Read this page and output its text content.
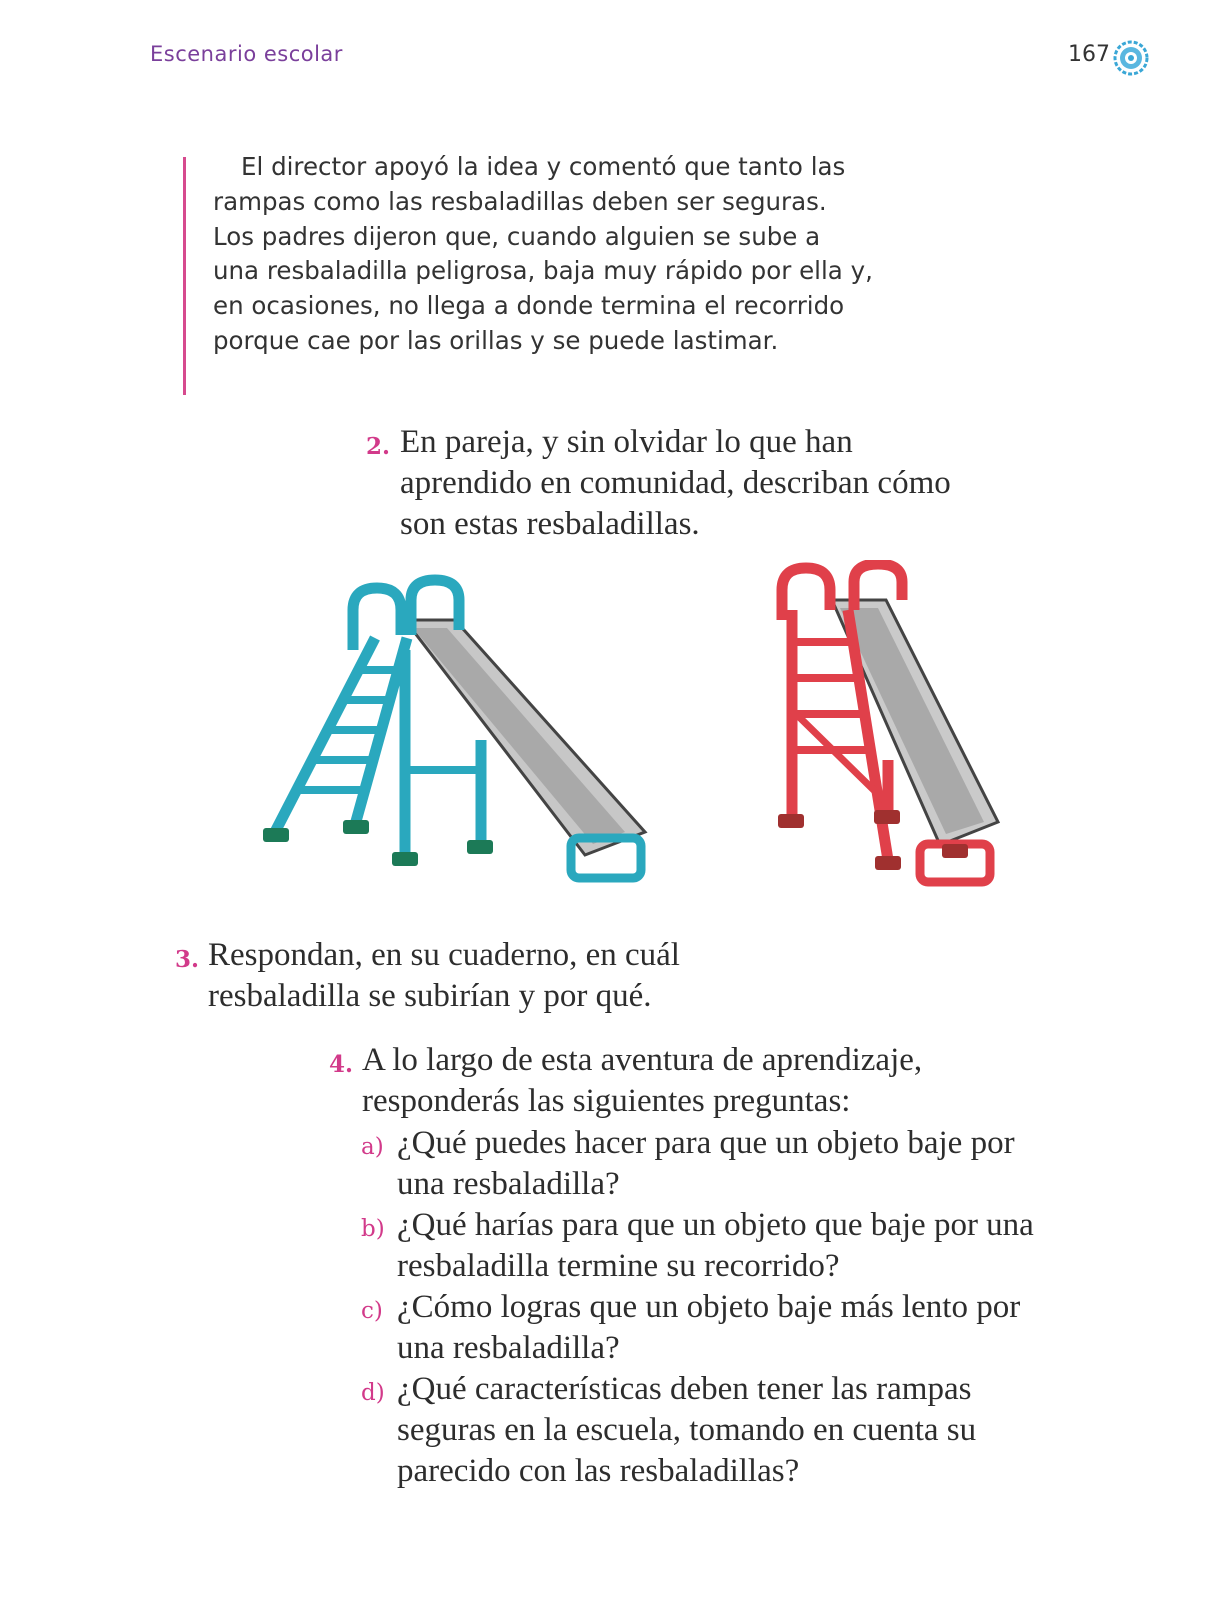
Escenario escolar	167

El director apoyó la idea y comentó que tanto las rampas como las resbaladillas deben ser seguras. Los padres dijeron que, cuando alguien se sube a una resbaladilla peligrosa, baja muy rápido por ella y, en ocasiones, no llega a donde termina el recorrido porque cae por las orillas y se puede lastimar.

2. En pareja, y sin olvidar lo que han aprendido en comunidad, describan cómo son estas resbaladillas.
3. Respondan, en su cuaderno, en cuál resbaladilla se subirían y por qué.
4. A lo largo de esta aventura de aprendizaje, responderás las siguientes preguntas:
a) ¿Qué puedes hacer para que un objeto baje por una resbaladilla?
b) ¿Qué harías para que un objeto que baje por una resbaladilla termine su recorrido?
c) ¿Cómo logras que un objeto baje más lento por una resbaladilla?
d) ¿Qué características deben tener las rampas seguras en la escuela, tomando en cuenta su parecido con las resbaladillas?
